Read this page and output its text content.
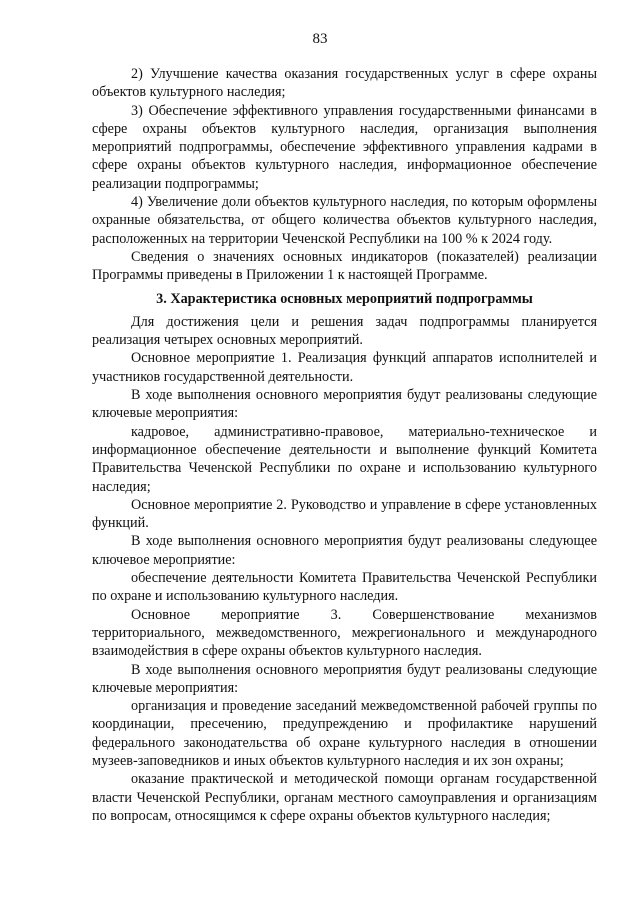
83

2) Улучшение качества оказания государственных услуг в сфере охраны объектов культурного наследия;

3) Обеспечение эффективного управления государственными финансами в сфере охраны объектов культурного наследия, организация выполнения мероприятий подпрограммы, обеспечение эффективного управления кадрами в сфере охраны объектов культурного наследия, информационное обеспечение реализации подпрограммы;

4) Увеличение доли объектов культурного наследия, по которым оформлены охранные обязательства, от общего количества объектов культурного наследия, расположенных на территории Чеченской Республики на 100 % к 2024 году.

Сведения о значениях основных индикаторов (показателей) реализации Программы приведены в Приложении 1 к настоящей Программе.

3. Характеристика основных мероприятий подпрограммы

Для достижения цели и решения задач подпрограммы планируется реализация четырех основных мероприятий.

Основное мероприятие 1. Реализация функций аппаратов исполнителей и участников государственной деятельности.

В ходе выполнения основного мероприятия будут реализованы следующие ключевые мероприятия:

кадровое, административно-правовое, материально-техническое и информационное обеспечение деятельности и выполнение функций Комитета Правительства Чеченской Республики по охране и использованию культурного наследия;

Основное мероприятие 2. Руководство и управление в сфере установленных функций.

В ходе выполнения основного мероприятия будут реализованы следующее ключевое мероприятие:

обеспечение деятельности Комитета Правительства Чеченской Республики по охране и использованию культурного наследия.

Основное мероприятие 3. Совершенствование механизмов территориального, межведомственного, межрегионального и международного взаимодействия в сфере охраны объектов культурного наследия.

В ходе выполнения основного мероприятия будут реализованы следующие ключевые мероприятия:

организация и проведение заседаний межведомственной рабочей группы по координации, пресечению, предупреждению и профилактике нарушений федерального законодательства об охране культурного наследия в отношении музеев-заповедников и иных объектов культурного наследия и их зон охраны;

оказание практической и методической помощи органам государственной власти Чеченской Республики, органам местного самоуправления и организациям по вопросам, относящимся к сфере охраны объектов культурного наследия;
